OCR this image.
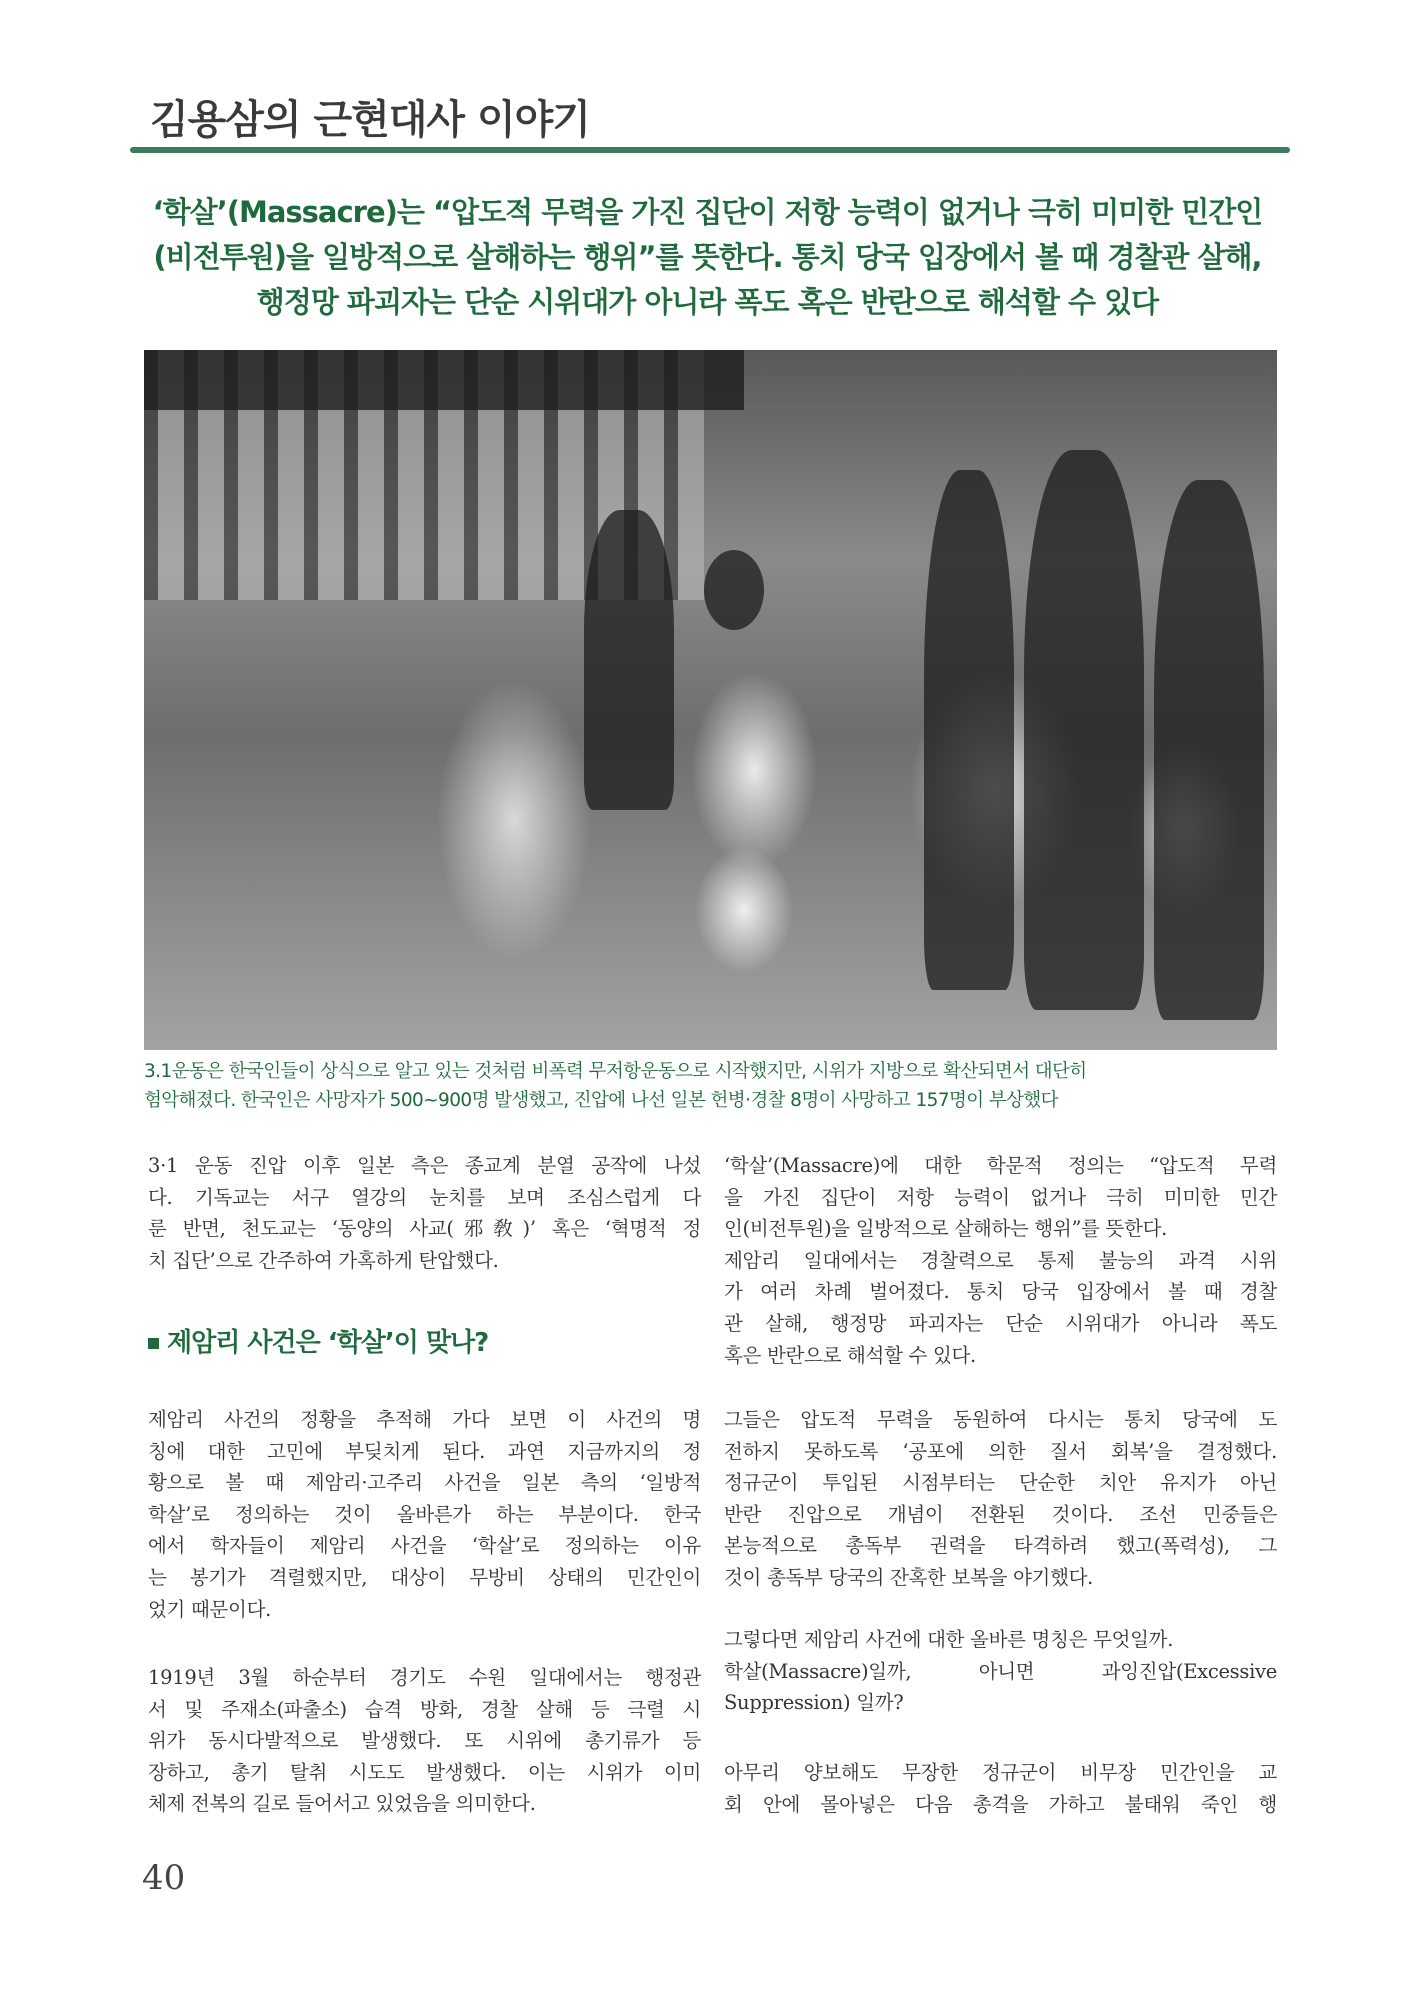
김용삼의 근현대사 이야기
‘학살’(Massacre)는 “압도적 무력을 가진 집단이 저항 능력이 없거나 극히 미미한 민간인
(비전투원)을 일방적으로 살해하는 행위”를 뜻한다. 통치 당국 입장에서 볼 때 경찰관 살해,
행정망 파괴자는 단순 시위대가 아니라 폭도 혹은 반란으로 해석할 수 있다
3.1운동은 한국인들이 상식으로 알고 있는 것처럼 비폭력 무저항운동으로 시작했지만, 시위가 지방으로 확산되면서 대단히
험악해졌다. 한국인은 사망자가 500~900명 발생했고, 진압에 나선 일본 헌병·경찰 8명이 사망하고 157명이 부상했다
3·1 운동 진압 이후 일본 측은 종교계 분열 공작에 나섰
다. 기독교는 서구 열강의 눈치를 보며 조심스럽게 다
룬 반면, 천도교는 ‘동양의 사교(邪敎)’ 혹은 ‘혁명적 정
치 집단’으로 간주하여 가혹하게 탄압했다.
제암리 사건은 ‘학살’이 맞나?
제암리 사건의 정황을 추적해 가다 보면 이 사건의 명
칭에 대한 고민에 부딪치게 된다. 과연 지금까지의 정
황으로 볼 때 제암리·고주리 사건을 일본 측의 ‘일방적
학살’로 정의하는 것이 올바른가 하는 부분이다. 한국
에서 학자들이 제암리 사건을 ‘학살’로 정의하는 이유
는 봉기가 격렬했지만, 대상이 무방비 상태의 민간인이
었기 때문이다.
1919년 3월 하순부터 경기도 수원 일대에서는 행정관
서 및 주재소(파출소) 습격 방화, 경찰 살해 등 극렬 시
위가 동시다발적으로 발생했다. 또 시위에 총기류가 등
장하고, 총기 탈취 시도도 발생했다. 이는 시위가 이미
체제 전복의 길로 들어서고 있었음을 의미한다.
‘학살’(Massacre)에 대한 학문적 정의는 “압도적 무력
을 가진 집단이 저항 능력이 없거나 극히 미미한 민간
인(비전투원)을 일방적으로 살해하는 행위”를 뜻한다.
제암리 일대에서는 경찰력으로 통제 불능의 과격 시위
가 여러 차례 벌어졌다. 통치 당국 입장에서 볼 때 경찰
관 살해, 행정망 파괴자는 단순 시위대가 아니라 폭도
혹은 반란으로 해석할 수 있다.
그들은 압도적 무력을 동원하여 다시는 통치 당국에 도
전하지 못하도록 ‘공포에 의한 질서 회복’을 결정했다.
정규군이 투입된 시점부터는 단순한 치안 유지가 아닌
반란 진압으로 개념이 전환된 것이다. 조선 민중들은
본능적으로 총독부 권력을 타격하려 했고(폭력성), 그
것이 총독부 당국의 잔혹한 보복을 야기했다.
그렇다면 제암리 사건에 대한 올바른 명칭은 무엇일까.
학살(Massacre)일까, 아니면 과잉진압(Excessive
Suppression) 일까?
아무리 양보해도 무장한 정규군이 비무장 민간인을 교
회 안에 몰아넣은 다음 총격을 가하고 불태워 죽인 행
40
